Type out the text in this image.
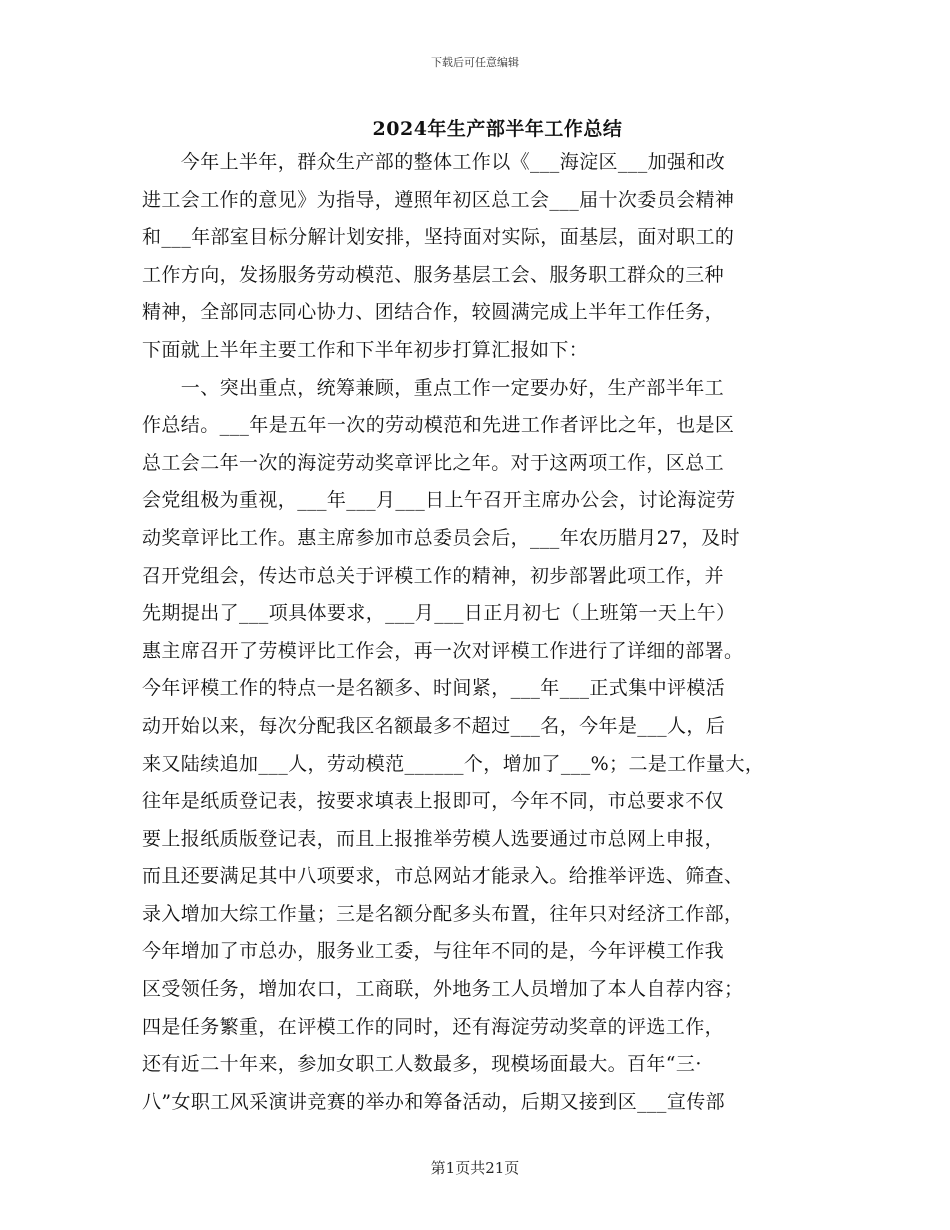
下载后可任意编辑
2024年生产部半年工作总结
　　今年上半年，群众生产部的整体工作以《___海淀区___加强和改
进工会工作的意见》为指导，遵照年初区总工会___届十次委员会精神
和___年部室目标分解计划安排，坚持面对实际，面基层，面对职工的
工作方向，发扬服务劳动模范、服务基层工会、服务职工群众的三种
精神，全部同志同心协力、团结合作，较圆满完成上半年工作任务，
下面就上半年主要工作和下半年初步打算汇报如下：
　　一、突出重点，统筹兼顾，重点工作一定要办好，生产部半年工
作总结。___年是五年一次的劳动模范和先进工作者评比之年，也是区
总工会二年一次的海淀劳动奖章评比之年。对于这两项工作，区总工
会党组极为重视，___年___月___日上午召开主席办公会，讨论海淀劳
动奖章评比工作。惠主席参加市总委员会后，___年农历腊月27，及时
召开党组会，传达市总关于评模工作的精神，初步部署此项工作，并
先期提出了___项具体要求，___月___日正月初七（上班第一天上午）
惠主席召开了劳模评比工作会，再一次对评模工作进行了详细的部署。
今年评模工作的特点一是名额多、时间紧，___年___正式集中评模活
动开始以来，每次分配我区名额最多不超过___名，今年是___人，后
来又陆续追加___人，劳动模范______个，增加了___%；二是工作量大，
往年是纸质登记表，按要求填表上报即可，今年不同，市总要求不仅
要上报纸质版登记表，而且上报推举劳模人选要通过市总网上申报，
而且还要满足其中八项要求，市总网站才能录入。给推举评选、筛查、
录入增加大综工作量；三是名额分配多头布置，往年只对经济工作部，
今年增加了市总办，服务业工委，与往年不同的是，今年评模工作我
区受领任务，增加农口，工商联，外地务工人员增加了本人自荐内容；
四是任务繁重，在评模工作的同时，还有海淀劳动奖章的评选工作，
还有近二十年来，参加女职工人数最多，现模场面最大。百年“三·
八”女职工风采演讲竞赛的举办和筹备活动，后期又接到区___宣传部
第1页共21页
